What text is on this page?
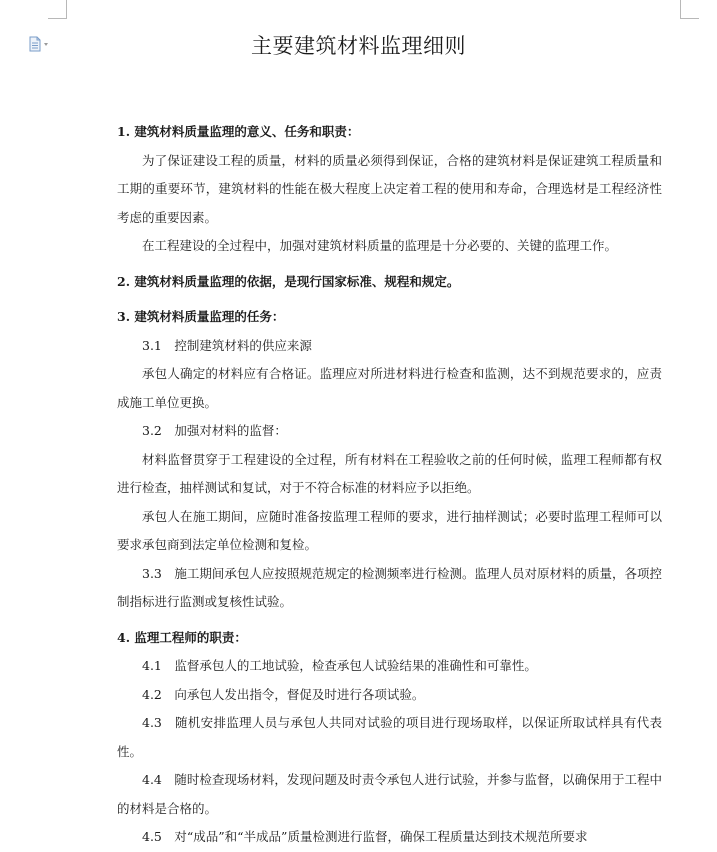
主要建筑材料监理细则
1. 建筑材料质量监理的意义、任务和职责：
为了保证建设工程的质量，材料的质量必须得到保证，合格的建筑材料是保证建筑工程质量和工期的重要环节，建筑材料的性能在极大程度上决定着工程的使用和寿命，合理选材是工程经济性考虑的重要因素。
在工程建设的全过程中，加强对建筑材料质量的监理是十分必要的、关键的监理工作。
2. 建筑材料质量监理的依据，是现行国家标准、规程和规定。
3. 建筑材料质量监理的任务：
3.1　控制建筑材料的供应来源
承包人确定的材料应有合格证。监理应对所进材料进行检查和监测，达不到规范要求的，应责成施工单位更换。
3.2　加强对材料的监督：
材料监督贯穿于工程建设的全过程，所有材料在工程验收之前的任何时候，监理工程师都有权进行检查，抽样测试和复试，对于不符合标准的材料应予以拒绝。
承包人在施工期间，应随时准备按监理工程师的要求，进行抽样测试；必要时监理工程师可以要求承包商到法定单位检测和复检。
3.3　施工期间承包人应按照规范规定的检测频率进行检测。监理人员对原材料的质量，各项控制指标进行监测或复核性试验。
4. 监理工程师的职责：
4.1　监督承包人的工地试验，检查承包人试验结果的准确性和可靠性。
4.2　向承包人发出指令，督促及时进行各项试验。
4.3　随机安排监理人员与承包人共同对试验的项目进行现场取样，以保证所取试样具有代表性。
4.4　随时检查现场材料，发现问题及时责令承包人进行试验，并参与监督，以确保用于工程中的材料是合格的。
4.5　对“成品”和“半成品”质量检测进行监督，确保工程质量达到技术规范所要求
